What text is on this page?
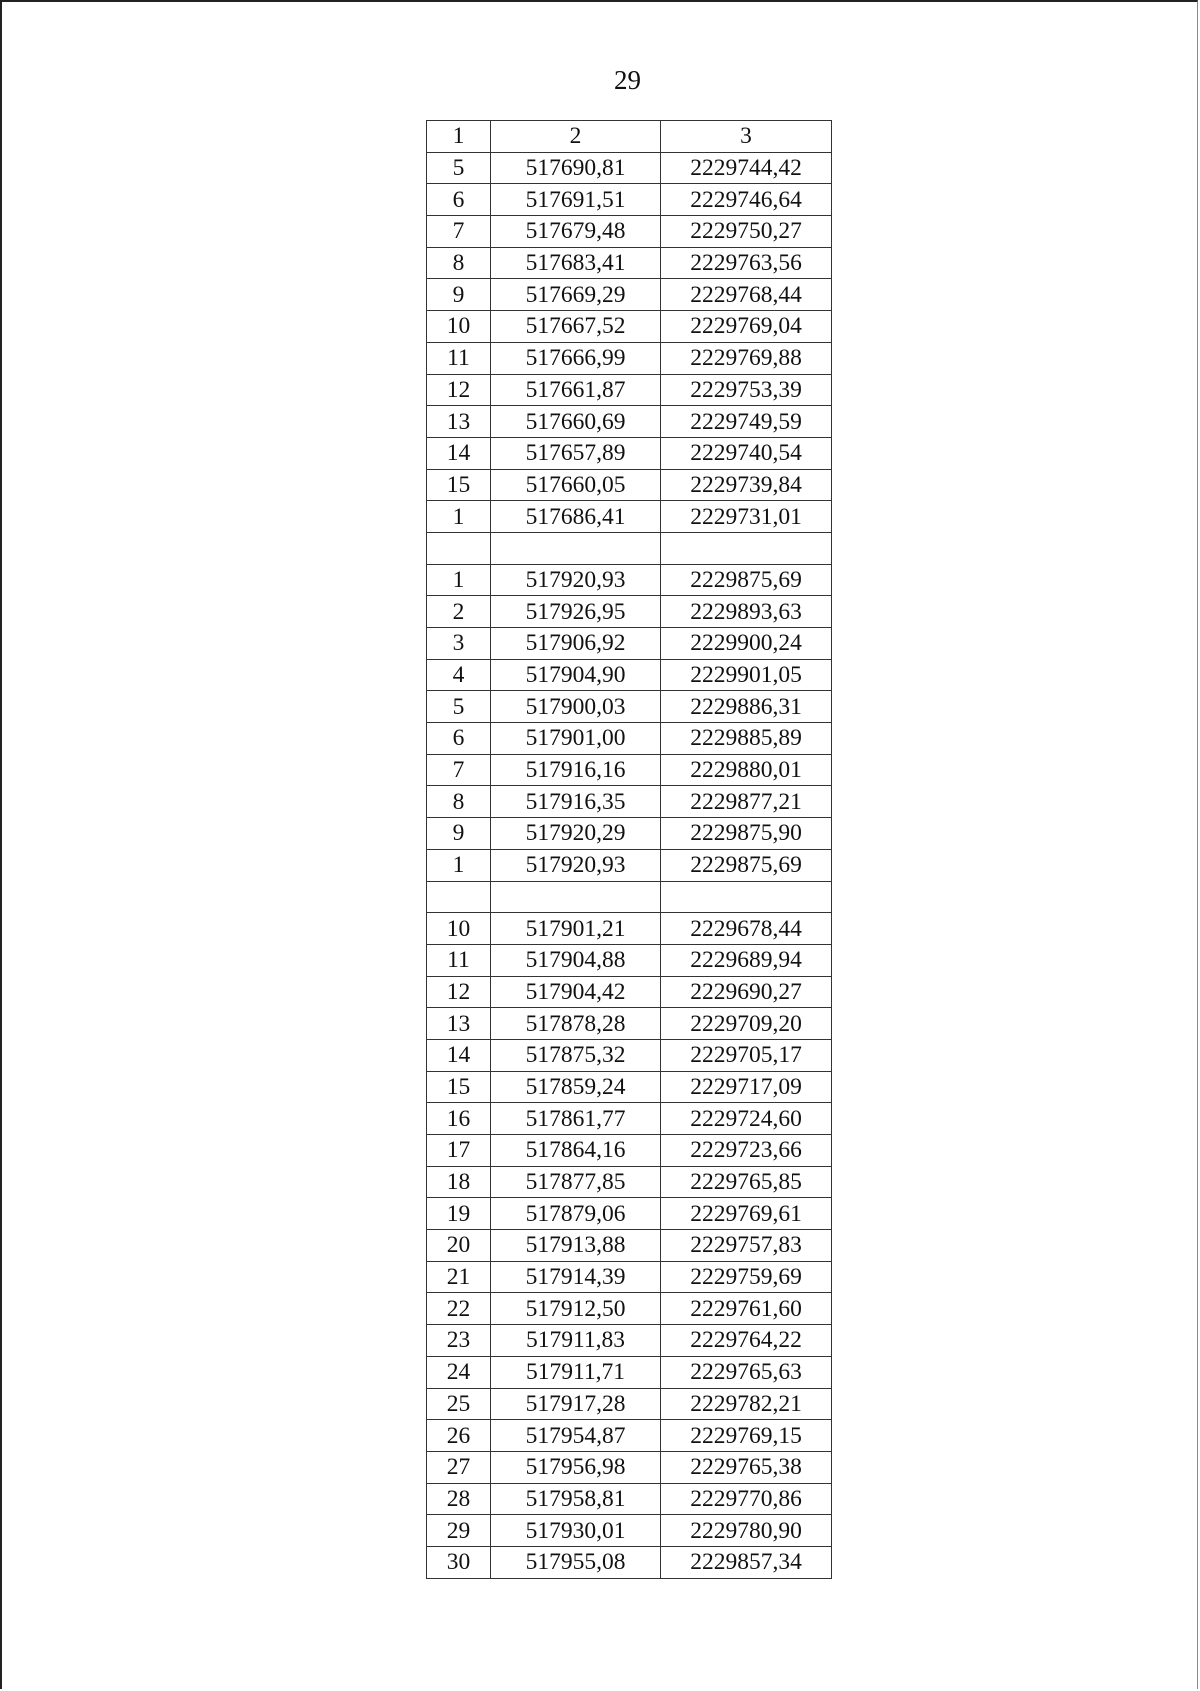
29
1	2	3
5	517690,81	2229744,42
6	517691,51	2229746,64
7	517679,48	2229750,27
8	517683,41	2229763,56
9	517669,29	2229768,44
10	517667,52	2229769,04
11	517666,99	2229769,88
12	517661,87	2229753,39
13	517660,69	2229749,59
14	517657,89	2229740,54
15	517660,05	2229739,84
1	517686,41	2229731,01

1	517920,93	2229875,69
2	517926,95	2229893,63
3	517906,92	2229900,24
4	517904,90	2229901,05
5	517900,03	2229886,31
6	517901,00	2229885,89
7	517916,16	2229880,01
8	517916,35	2229877,21
9	517920,29	2229875,90
1	517920,93	2229875,69

10	517901,21	2229678,44
11	517904,88	2229689,94
12	517904,42	2229690,27
13	517878,28	2229709,20
14	517875,32	2229705,17
15	517859,24	2229717,09
16	517861,77	2229724,60
17	517864,16	2229723,66
18	517877,85	2229765,85
19	517879,06	2229769,61
20	517913,88	2229757,83
21	517914,39	2229759,69
22	517912,50	2229761,60
23	517911,83	2229764,22
24	517911,71	2229765,63
25	517917,28	2229782,21
26	517954,87	2229769,15
27	517956,98	2229765,38
28	517958,81	2229770,86
29	517930,01	2229780,90
30	517955,08	2229857,34
